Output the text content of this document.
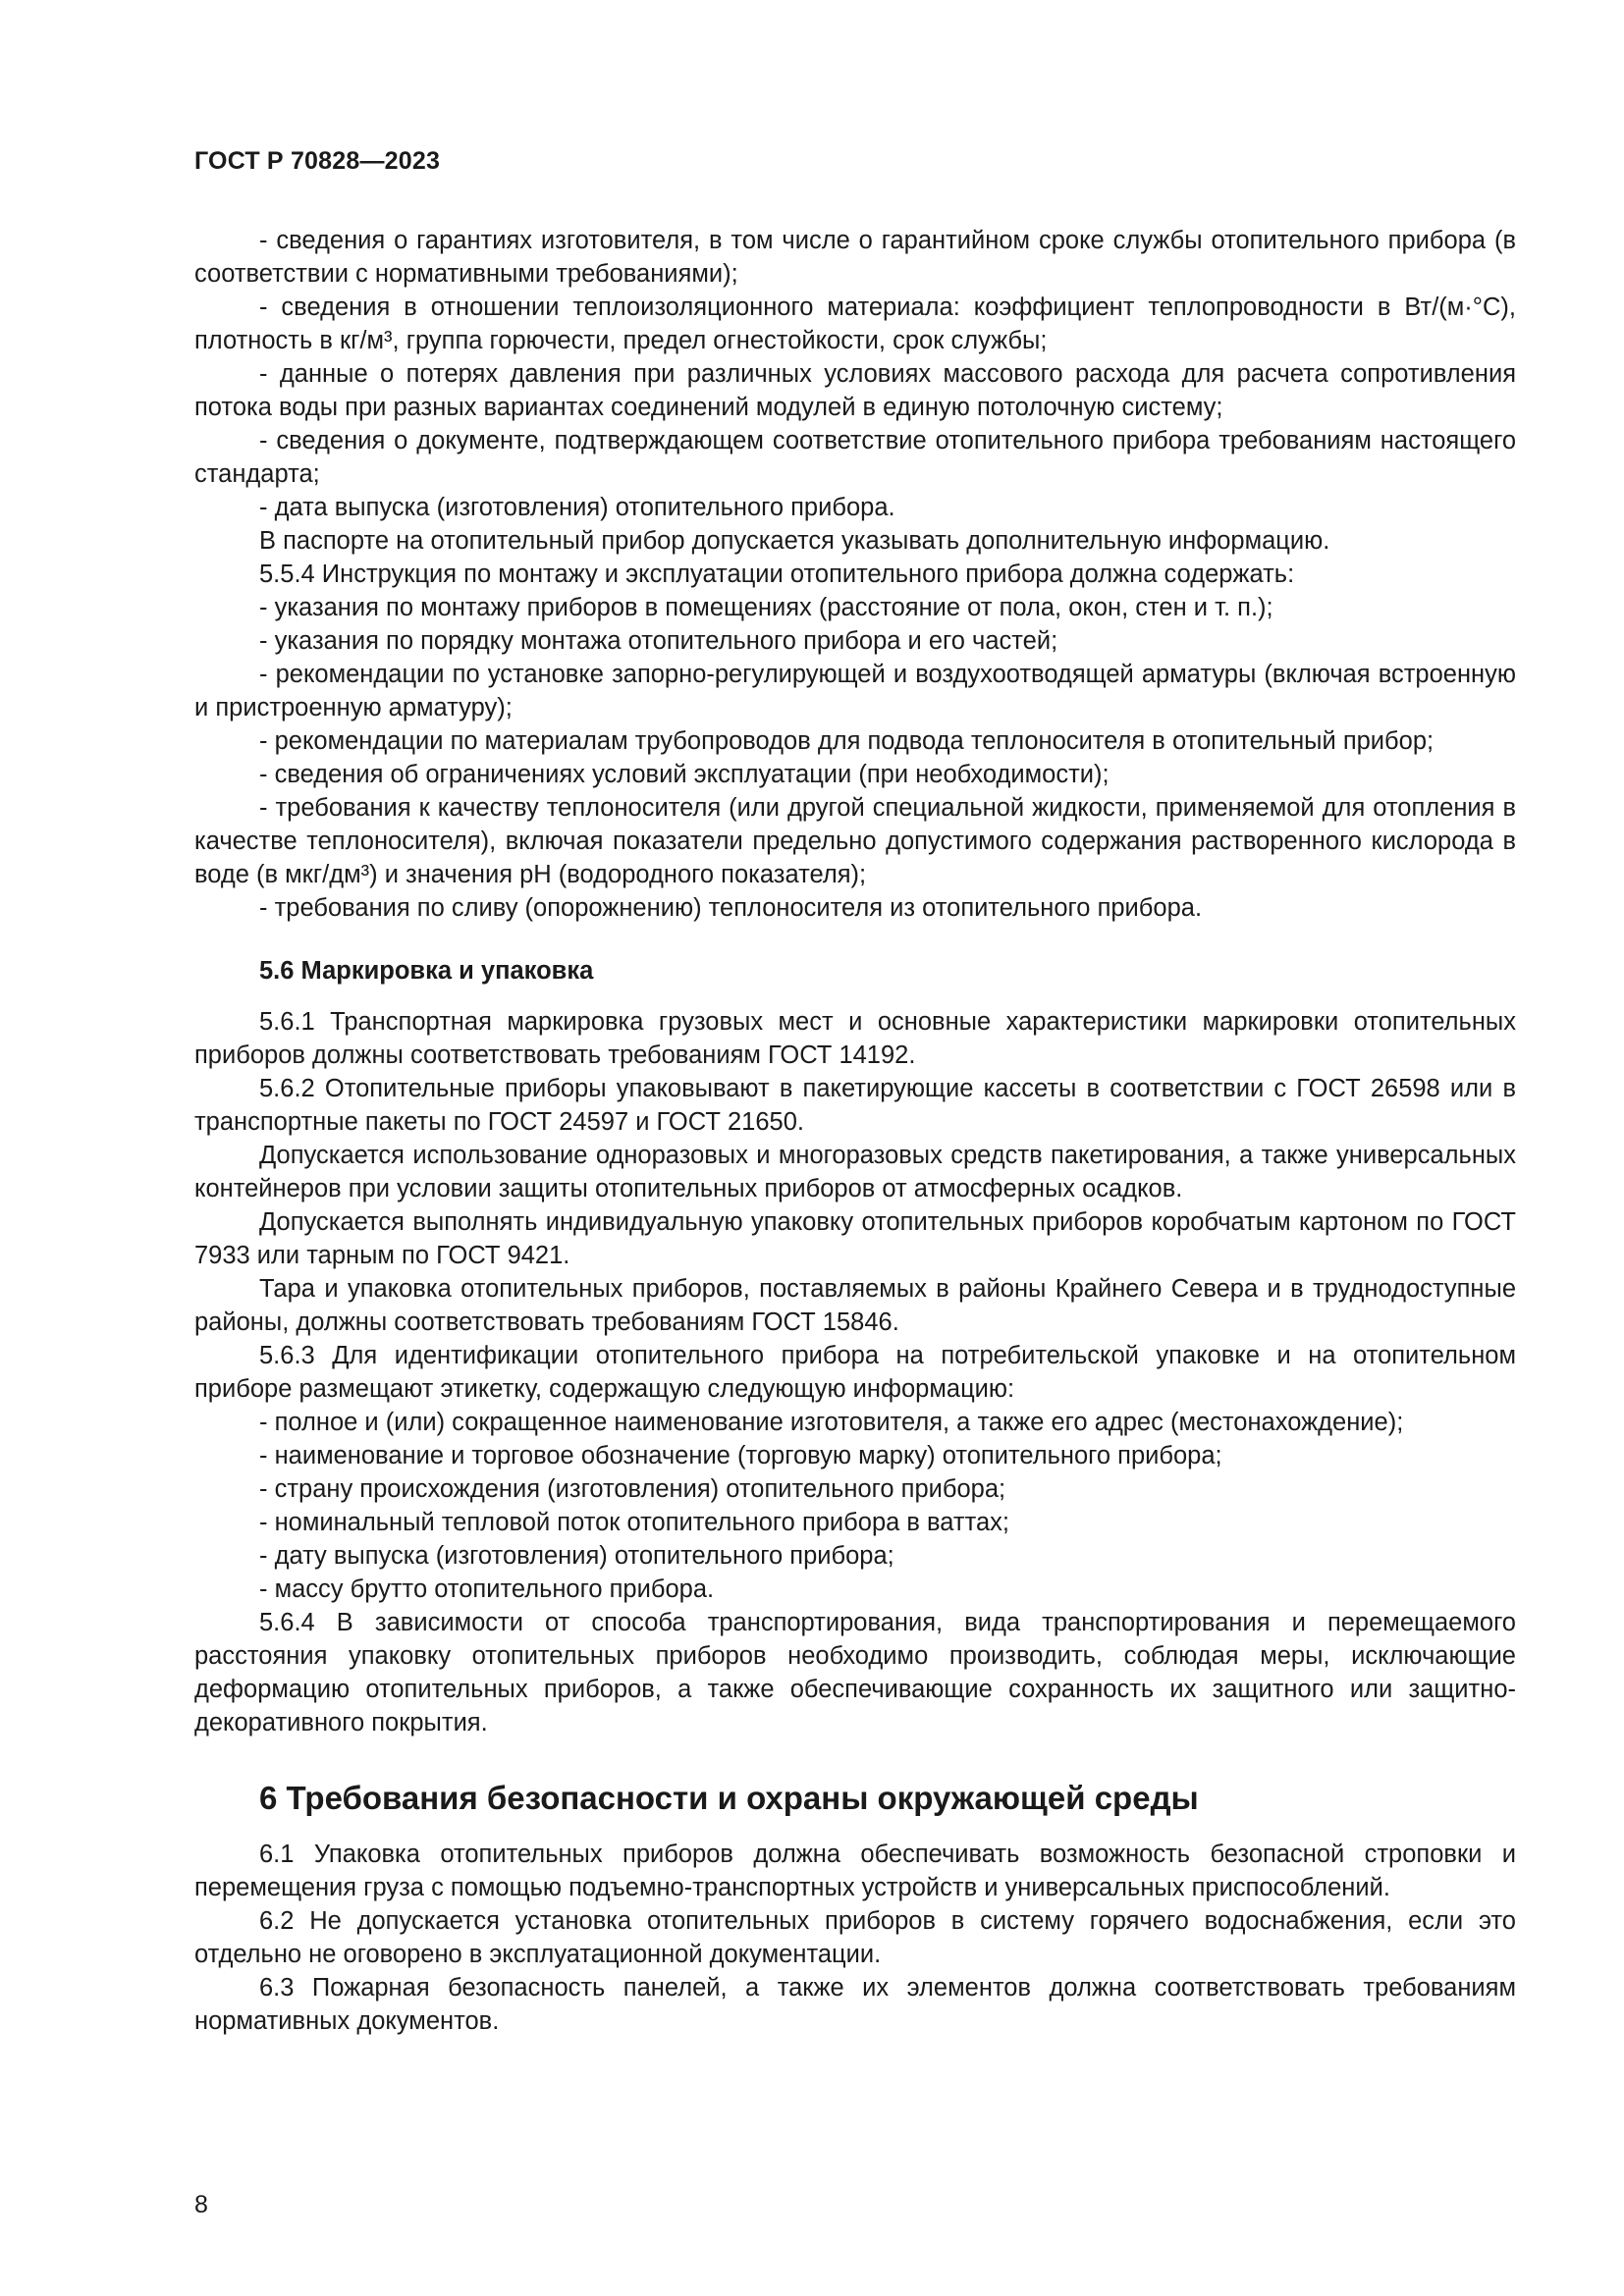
ГОСТ Р 70828—2023

- сведения о гарантиях изготовителя, в том числе о гарантийном сроке службы отопительного прибора (в соответствии с нормативными требованиями);

- сведения в отношении теплоизоляционного материала: коэффициент теплопроводности в Вт/(м·°С), плотность в кг/м³, группа горючести, предел огнестойкости, срок службы;

- данные о потерях давления при различных условиях массового расхода для расчета сопротивления потока воды при разных вариантах соединений модулей в единую потолочную систему;

- сведения о документе, подтверждающем соответствие отопительного прибора требованиям настоящего стандарта;

- дата выпуска (изготовления) отопительного прибора.

В паспорте на отопительный прибор допускается указывать дополнительную информацию.

5.5.4 Инструкция по монтажу и эксплуатации отопительного прибора должна содержать:

- указания по монтажу приборов в помещениях (расстояние от пола, окон, стен и т. п.);

- указания по порядку монтажа отопительного прибора и его частей;

- рекомендации по установке запорно-регулирующей и воздухоотводящей арматуры (включая встроенную и пристроенную арматуру);

- рекомендации по материалам трубопроводов для подвода теплоносителя в отопительный прибор;

- сведения об ограничениях условий эксплуатации (при необходимости);

- требования к качеству теплоносителя (или другой специальной жидкости, применяемой для отопления в качестве теплоносителя), включая показатели предельно допустимого содержания растворенного кислорода в воде (в мкг/дм³) и значения рН (водородного показателя);

- требования по сливу (опорожнению) теплоносителя из отопительного прибора.

5.6 Маркировка и упаковка

5.6.1 Транспортная маркировка грузовых мест и основные характеристики маркировки отопительных приборов должны соответствовать требованиям ГОСТ 14192.

5.6.2 Отопительные приборы упаковывают в пакетирующие кассеты в соответствии с ГОСТ 26598 или в транспортные пакеты по ГОСТ 24597 и ГОСТ 21650.

Допускается использование одноразовых и многоразовых средств пакетирования, а также универсальных контейнеров при условии защиты отопительных приборов от атмосферных осадков.

Допускается выполнять индивидуальную упаковку отопительных приборов коробчатым картоном по ГОСТ 7933 или тарным по ГОСТ 9421.

Тара и упаковка отопительных приборов, поставляемых в районы Крайнего Севера и в труднодоступные районы, должны соответствовать требованиям ГОСТ 15846.

5.6.3 Для идентификации отопительного прибора на потребительской упаковке и на отопительном приборе размещают этикетку, содержащую следующую информацию:

- полное и (или) сокращенное наименование изготовителя, а также его адрес (местонахождение);

- наименование и торговое обозначение (торговую марку) отопительного прибора;

- страну происхождения (изготовления) отопительного прибора;

- номинальный тепловой поток отопительного прибора в ваттах;

- дату выпуска (изготовления) отопительного прибора;

- массу брутто отопительного прибора.

5.6.4 В зависимости от способа транспортирования, вида транспортирования и перемещаемого расстояния упаковку отопительных приборов необходимо производить, соблюдая меры, исключающие деформацию отопительных приборов, а также обеспечивающие сохранность их защитного или защитно-декоративного покрытия.

6 Требования безопасности и охраны окружающей среды

6.1 Упаковка отопительных приборов должна обеспечивать возможность безопасной строповки и перемещения груза с помощью подъемно-транспортных устройств и универсальных приспособлений.

6.2 Не допускается установка отопительных приборов в систему горячего водоснабжения, если это отдельно не оговорено в эксплуатационной документации.

6.3 Пожарная безопасность панелей, а также их элементов должна соответствовать требованиям нормативных документов.

8
